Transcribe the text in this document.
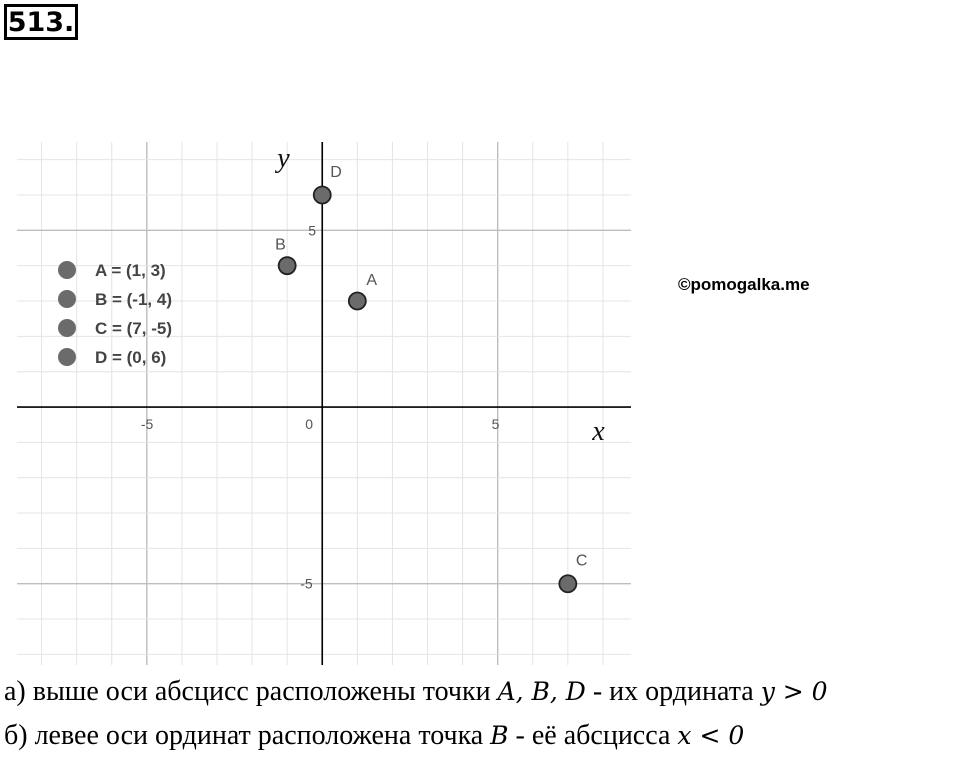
513.
x
y
-5	0	5
5
-5
A
B
C
D
A = (1, 3)
B = (-1, 4)
C = (7, -5)
D = (0, 6)
©pomogalka.me
а) выше оси абсцисс расположены точки A, B, D - их ордината y > 0
б) левее оси ординат расположена точка B - её абсцисса x < 0
